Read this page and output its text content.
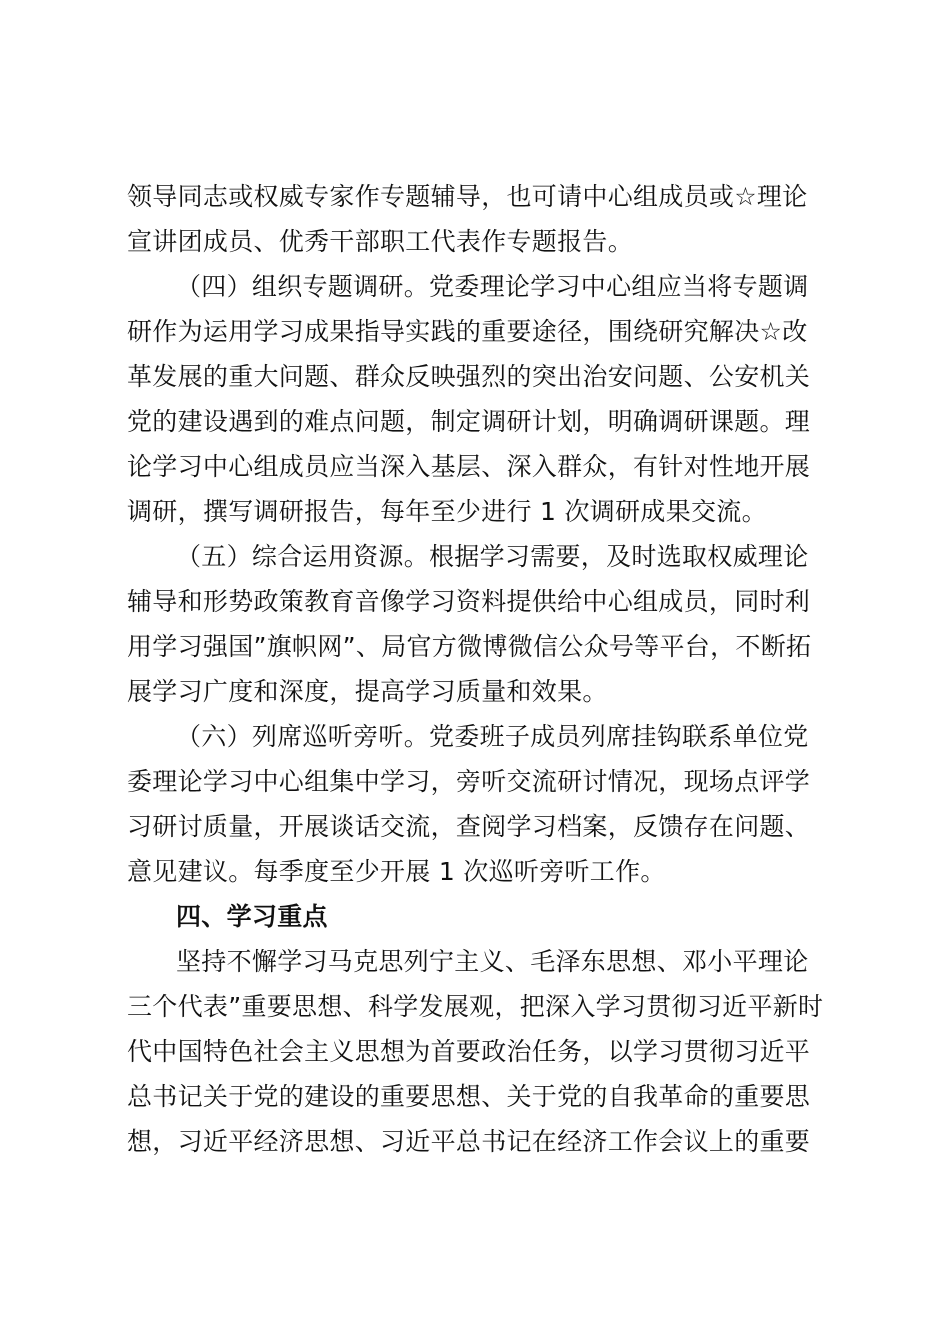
领导同志或权威专家作专题辅导，也可请中心组成员或☆理论
宣讲团成员、优秀干部职工代表作专题报告。
（四）组织专题调研。党委理论学习中心组应当将专题调
研作为运用学习成果指导实践的重要途径，围绕研究解决☆改
革发展的重大问题、群众反映强烈的突出治安问题、公安机关
党的建设遇到的难点问题，制定调研计划，明确调研课题。理
论学习中心组成员应当深入基层、深入群众，有针对性地开展
调研，撰写调研报告，每年至少进行 1 次调研成果交流。
（五）综合运用资源。根据学习需要，及时选取权威理论
辅导和形势政策教育音像学习资料提供给中心组成员，同时利
用学习强国”旗帜网”、局官方微博微信公众号等平台，不断拓
展学习广度和深度，提高学习质量和效果。
（六）列席巡听旁听。党委班子成员列席挂钩联系单位党
委理论学习中心组集中学习，旁听交流研讨情况，现场点评学
习研讨质量，开展谈话交流，查阅学习档案，反馈存在问题、
意见建议。每季度至少开展 1 次巡听旁听工作。
四、学习重点
坚持不懈学习马克思列宁主义、毛泽东思想、邓小平理论
三个代表”重要思想、科学发展观，把深入学习贯彻习近平新时
代中国特色社会主义思想为首要政治任务，以学习贯彻习近平
总书记关于党的建设的重要思想、关于党的自我革命的重要思
想，习近平经济思想、习近平总书记在经济工作会议上的重要
